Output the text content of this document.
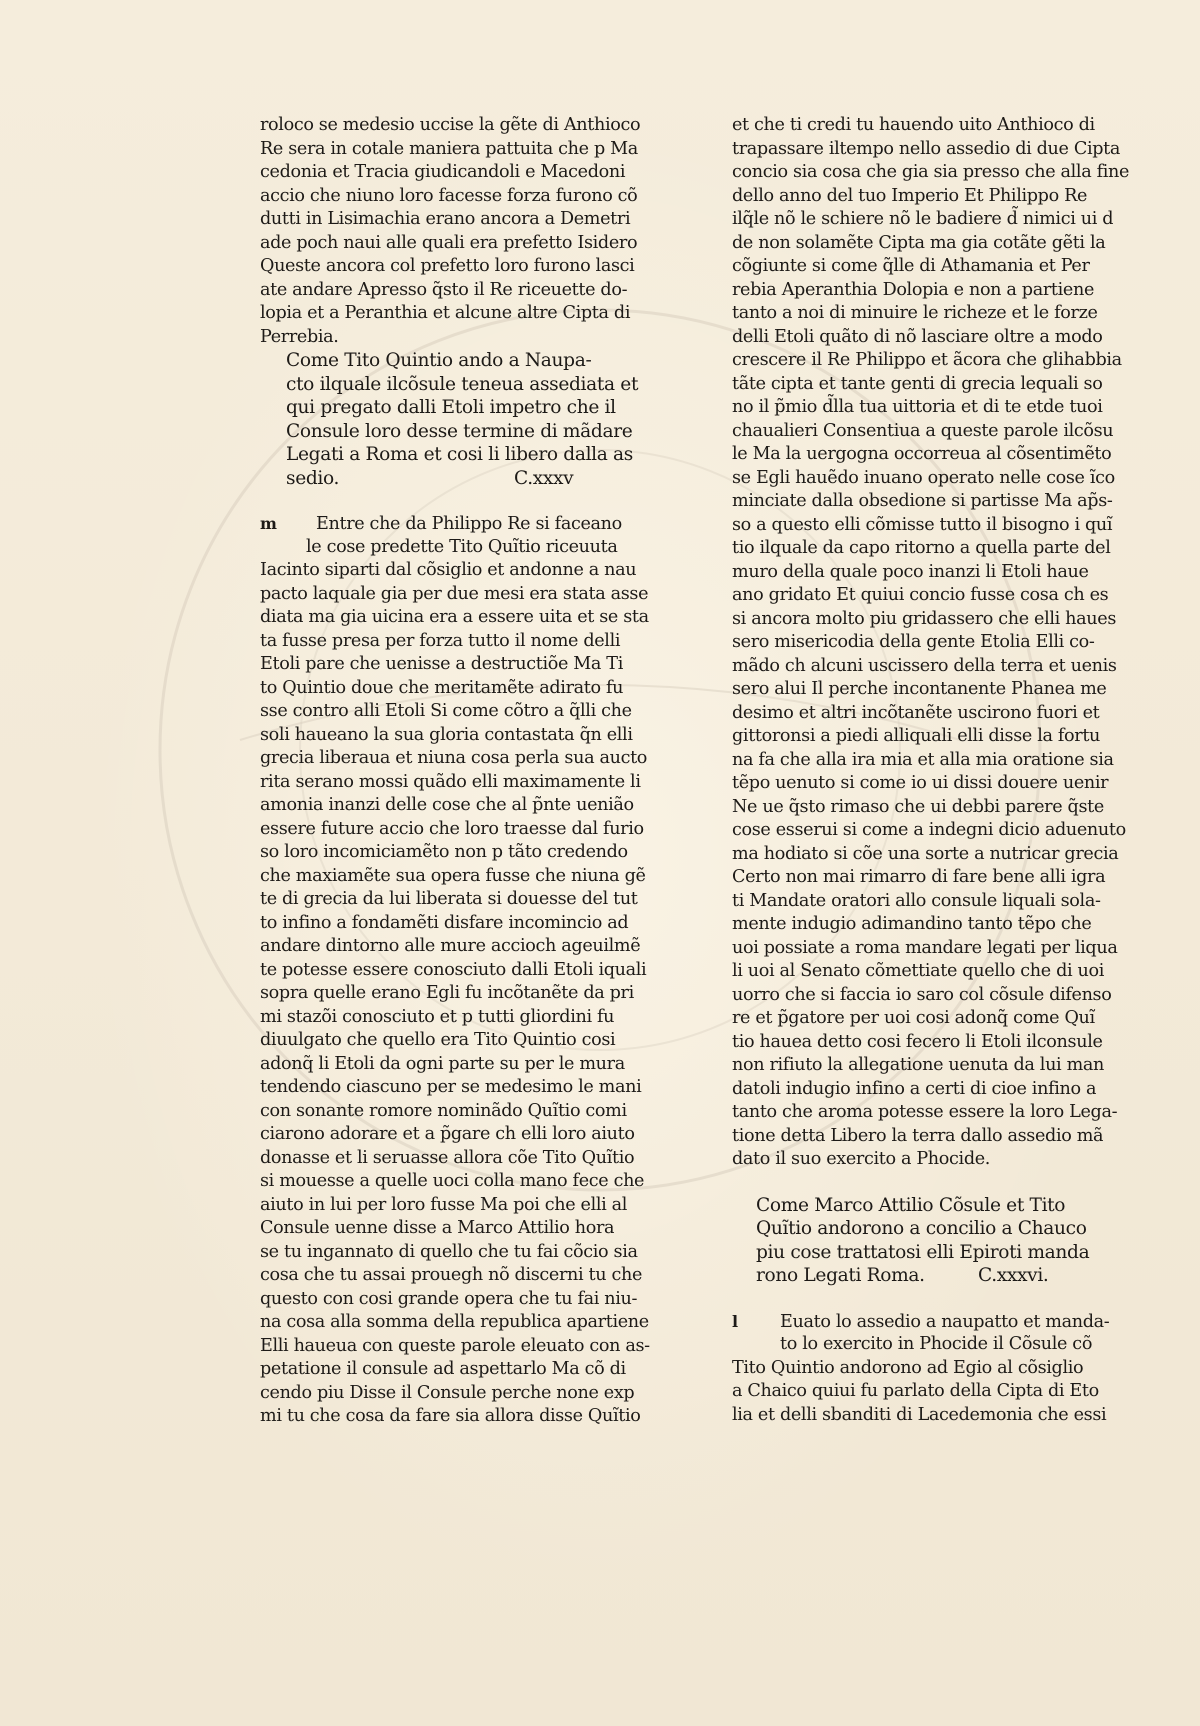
roloco se medesio uccise la gẽte di Anthioco
Re sera in cotale maniera pattuita che p Ma
cedonia et Tracia giudicandoli e Macedoni
accio che niuno loro facesse forza furono cõ
dutti in Lisimachia erano ancora a Demetri
ade poch naui alle quali era prefetto Isidero
Queste ancora col prefetto loro furono lasci
ate andare Apresso q̃sto il Re riceuette do-
lopia et a Peranthia et alcune altre Cipta di
Perrebia.
Come Tito Quintio ando a Naupa-
cto ilquale ilcõsule teneua assediata et
qui pregato dalli Etoli impetro che il
Consule loro desse termine di mãdare
Legati a Roma et cosi li libero dalla as
sedio.	C.xxxv
m Entre che da Philippo Re si faceano
le cose predette Tito Quĩtio riceuuta
Iacinto siparti dal cõsiglio et andonne a nau
pacto laquale gia per due mesi era stata asse
diata ma gia uicina era a essere uita et se sta
ta fusse presa per forza tutto il nome delli
Etoli pare che uenisse a destructiõe Ma Ti
to Quintio doue che meritamẽte adirato fu
sse contro alli Etoli Si come cõtro a q̃lli che
soli haueano la sua gloria contastata q̃n elli
grecia liberaua et niuna cosa perla sua aucto
rita serano mossi quãdo elli maximamente li
amonia inanzi delle cose che al p̃nte uenião
essere future accio che loro traesse dal furio
so loro incomiciamẽto non p tãto credendo
che maxiamẽte sua opera fusse che niuna gẽ
te di grecia da lui liberata si douesse del tut
to infino a fondamẽti disfare incomincio ad
andare dintorno alle mure accioch ageuilmẽ
te potesse essere conosciuto dalli Etoli iquali
sopra quelle erano Egli fu incõtanẽte da pri
mi stazõi conosciuto et p tutti gliordini fu
diuulgato che quello era Tito Quintio cosi
adonq̃ li Etoli da ogni parte su per le mura
tendendo ciascuno per se medesimo le mani
con sonante romore nominãdo Quĩtio comi
ciarono adorare et a p̃gare ch elli loro aiuto
donasse et li seruasse allora cõe Tito Quĩtio
si mouesse a quelle uoci colla mano fece che
aiuto in lui per loro fusse Ma poi che elli al
Consule uenne disse a Marco Attilio hora
se tu ingannato di quello che tu fai cõcio sia
cosa che tu assai prouegh nõ discerni tu che
questo con cosi grande opera che tu fai niu-
na cosa alla somma della republica apartiene
Elli haueua con queste parole eleuato con as-
petatione il consule ad aspettarlo Ma cõ di
cendo piu Disse il Consule perche none exp
mi tu che cosa da fare sia allora disse Quĩtio
et che ti credi tu hauendo uito Anthioco di
trapassare iltempo nello assedio di due Cipta
concio sia cosa che gia sia presso che alla fine
dello anno del tuo Imperio Et Philippo Re
ilq̃le nõ le schiere nõ le badiere d̃ nimici ui d
de non solamẽte Cipta ma gia cotãte gẽti la
cõgiunte si come q̃lle di Athamania et Per
rebia Aperanthia Dolopia e non a partiene
tanto a noi di minuire le richeze et le forze
delli Etoli quãto di nõ lasciare oltre a modo
crescere il Re Philippo et ãcora che glihabbia
tãte cipta et tante genti di grecia lequali so
no il p̃mio d̃lla tua uittoria et di te etde tuoi
chaualieri Consentiua a queste parole ilcõsu
le Ma la uergogna occorreua al cõsentimẽto
se Egli hauẽdo inuano operato nelle cose ĩco
minciate dalla obsedione si partisse Ma ap̃s-
so a questo elli cõmisse tutto il bisogno i quĩ
tio ilquale da capo ritorno a quella parte del
muro della quale poco inanzi li Etoli haue
ano gridato Et quiui concio fusse cosa ch es
si ancora molto piu gridassero che elli haues
sero misericodia della gente Etolia Elli co-
mãdo ch alcuni uscissero della terra et uenis
sero alui Il perche incontanente Phanea me
desimo et altri incõtanẽte uscirono fuori et
gittoronsi a piedi alliquali elli disse la fortu
na fa che alla ira mia et alla mia oratione sia
tẽpo uenuto si come io ui dissi douere uenir
Ne ue q̃sto rimaso che ui debbi parere q̃ste
cose esserui si come a indegni dicio aduenuto
ma hodiato si cõe una sorte a nutricar grecia
Certo non mai rimarro di fare bene alli igra
ti Mandate oratori allo consule liquali sola-
mente indugio adimandino tanto tẽpo che
uoi possiate a roma mandare legati per liqua
li uoi al Senato cõmettiate quello che di uoi
uorro che si faccia io saro col cõsule difenso
re et p̃gatore per uoi cosi adonq̃ come Quĩ
tio hauea detto cosi fecero li Etoli ilconsule
non rifiuto la allegatione uenuta da lui man
datoli indugio infino a certi di cioe infino a
tanto che aroma potesse essere la loro Lega-
tione detta Libero la terra dallo assedio mã
dato il suo exercito a Phocide.
Come Marco Attilio Cõsule et Tito
Quĩtio andorono a concilio a Chauco
piu cose trattatosi elli Epiroti manda
rono Legati Roma.	C.xxxvi.
l Euato lo assedio a naupatto et manda-
to lo exercito in Phocide il Cõsule cõ
Tito Quintio andorono ad Egio al cõsiglio
a Chaico quiui fu parlato della Cipta di Eto
lia et delli sbanditi di Lacedemonia che essi
